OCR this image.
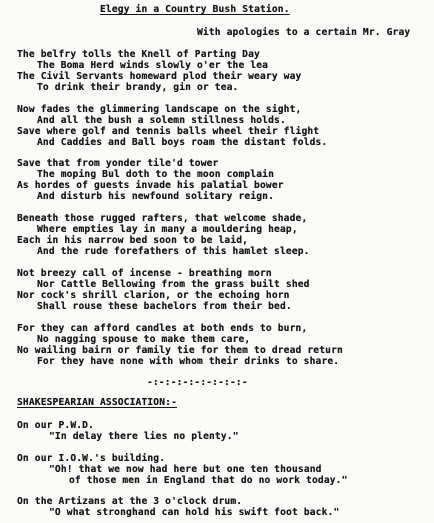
Elegy in a Country Bush Station.
With apologies to a certain Mr. Gray
The belfry tolls the Knell of Parting Day
The Boma Herd winds slowly o'er the lea
The Civil Servants homeward plod their weary way
To drink their brandy, gin or tea.
Now fades the glimmering landscape on the sight,
And all the bush a solemn stillness holds.
Save where golf and tennis balls wheel their flight
And Caddies and Ball boys roam the distant folds.
Save that from yonder tile'd tower
The moping Bul doth to the moon complain
As hordes of guests invade his palatial bower
And disturb his newfound solitary reign.
Beneath those rugged rafters, that welcome shade,
Where empties lay in many a mouldering heap,
Each in his narrow bed soon to be laid,
And the rude forefathers of this hamlet sleep.
Not breezy call of incense - breathing morn
Nor Cattle Bellowing from the grass built shed
Nor cock's shrill clarion, or the echoing horn
Shall rouse these bachelors from their bed.
For they can afford candles at both ends to burn,
No nagging spouse to make them care,
No wailing bairn or family tie for them to dread return
For they have none with whom their drinks to share.
-:-:-:-:-:-:-:-:-
SHAKESPEARIAN ASSOCIATION:-
On our P.W.D.
"In delay there lies no plenty."
On our I.O.W.'s building.
"Oh! that we now had here but one ten thousand
of those men in England that do no work today."
On the Artizans at the 3 o'clock drum.
"O what stronghand can hold his swift foot back."
